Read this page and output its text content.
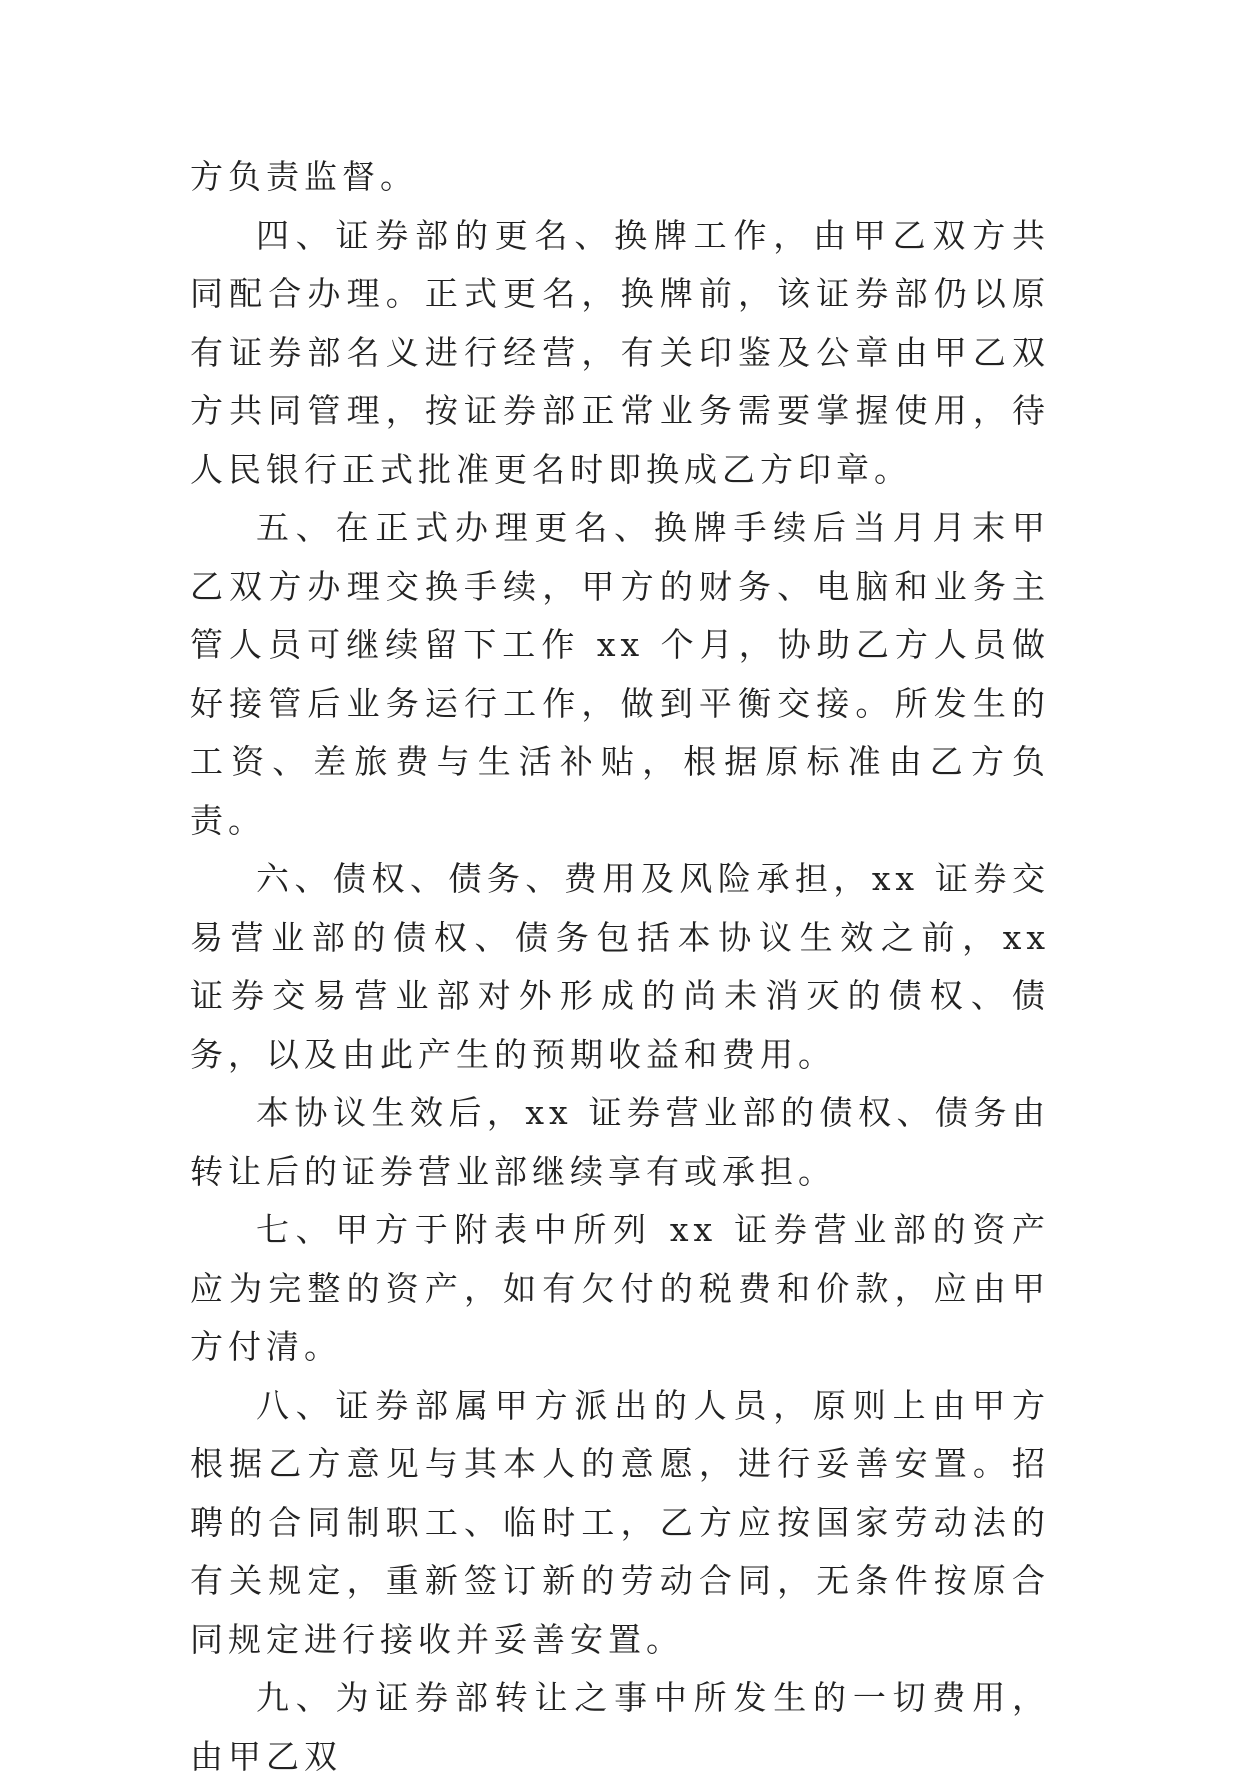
方负责监督。

四、证券部的更名、换牌工作，由甲乙双方共同配合办理。正式更名，换牌前，该证券部仍以原有证券部名义进行经营，有关印鉴及公章由甲乙双方共同管理，按证券部正常业务需要掌握使用，待人民银行正式批准更名时即换成乙方印章。

五、在正式办理更名、换牌手续后当月月末甲乙双方办理交换手续，甲方的财务、电脑和业务主管人员可继续留下工作 xx 个月，协助乙方人员做好接管后业务运行工作，做到平衡交接。所发生的工资、差旅费与生活补贴，根据原标准由乙方负责。

六、债权、债务、费用及风险承担，xx 证券交易营业部的债权、债务包括本协议生效之前，xx 证券交易营业部对外形成的尚未消灭的债权、债务，以及由此产生的预期收益和费用。

本协议生效后，xx 证券营业部的债权、债务由转让后的证券营业部继续享有或承担。

七、甲方于附表中所列 xx 证券营业部的资产应为完整的资产，如有欠付的税费和价款，应由甲方付清。

八、证券部属甲方派出的人员，原则上由甲方根据乙方意见与其本人的意愿，进行妥善安置。招聘的合同制职工、临时工，乙方应按国家劳动法的有关规定，重新签订新的劳动合同，无条件按原合同规定进行接收并妥善安置。

九、为证券部转让之事中所发生的一切费用，由甲乙双
